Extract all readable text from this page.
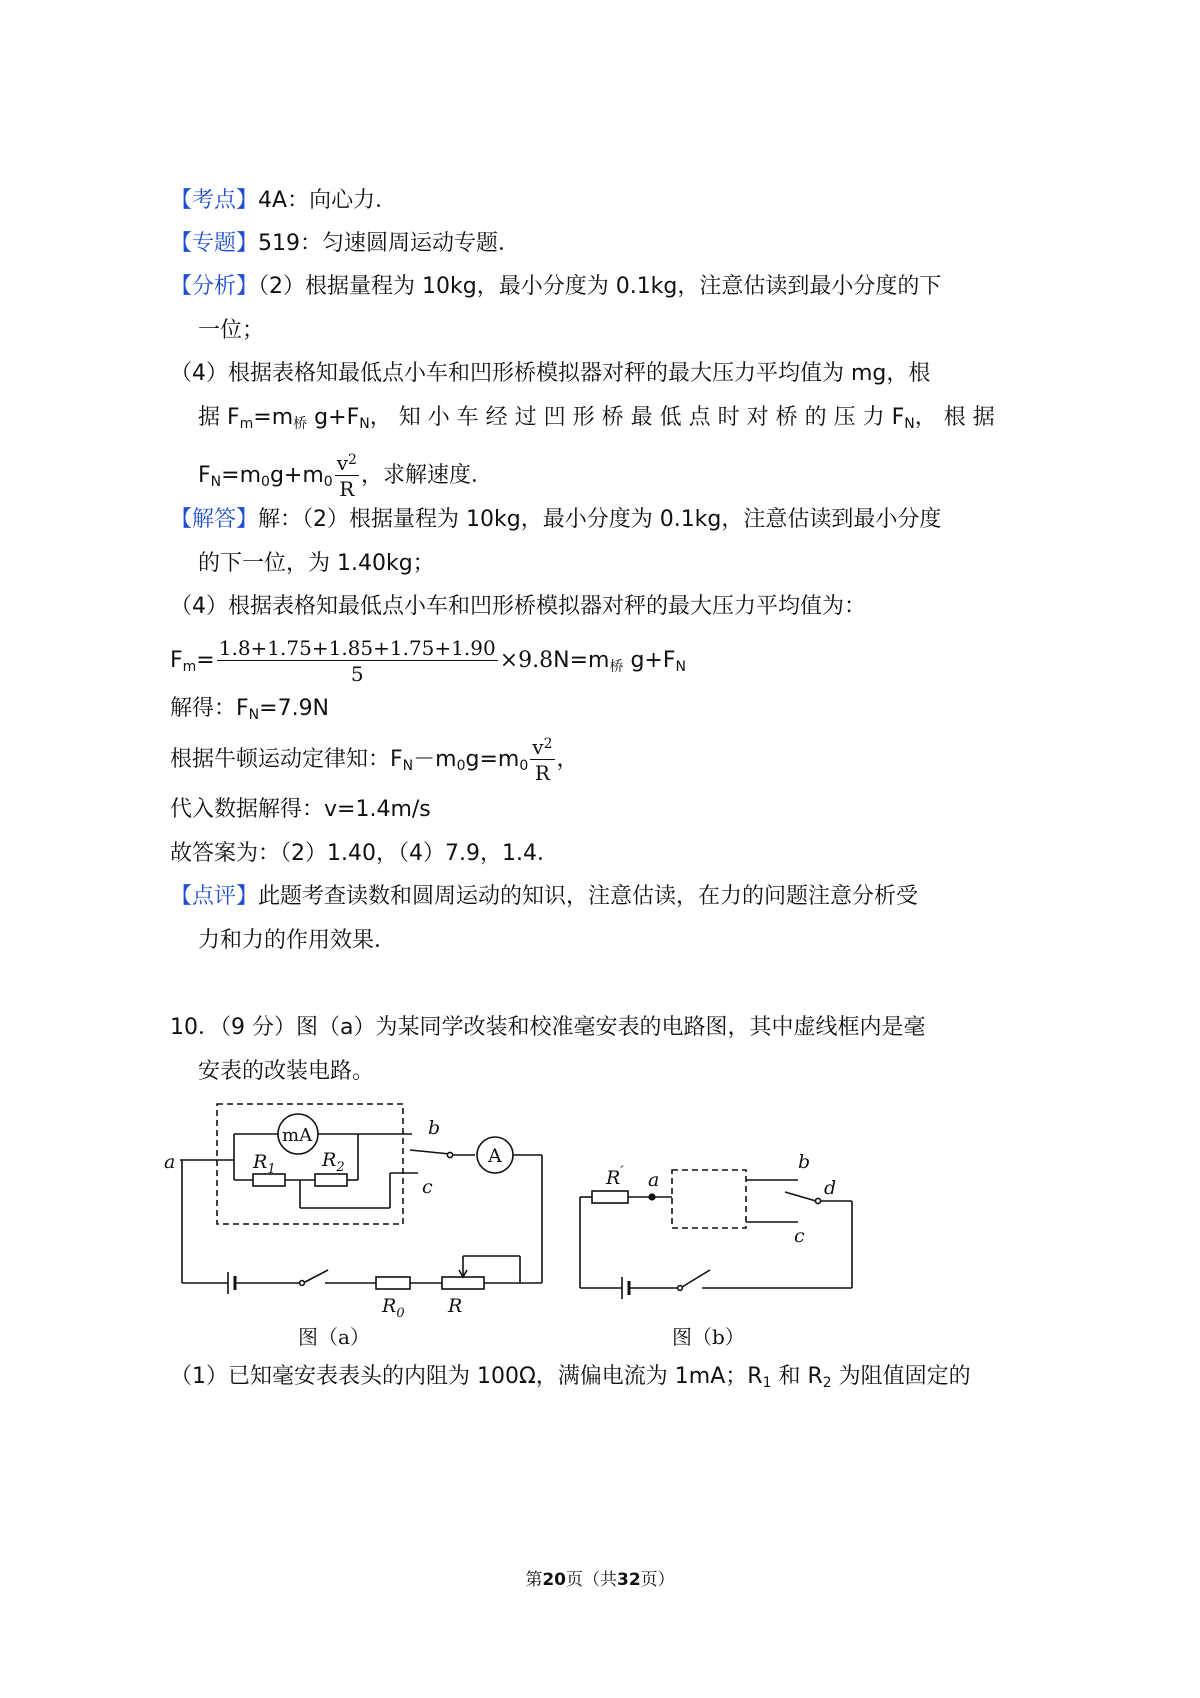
【考点】4A：向心力．
【专题】519：匀速圆周运动专题．
【分析】（2）根据量程为 10kg，最小分度为 0.1kg，注意估读到最小分度的下
一位；
（4）根据表格知最低点小车和凹形桥模拟器对秤的最大压力平均值为 mg，根
据 $F_m=m_桥$ $g+F_N$， 知 小 车 经 过 凹 形 桥 最 低 点 时 对 桥 的 压 力 $F_N$， 根 据
$F_N=m_0g+m_0 \frac{v^2}{R}$ ，求解速度．
【解答】解：（2）根据量程为 10kg，最小分度为 0.1kg，注意估读到最小分度
的下一位，为 1.40kg；
（4）根据表格知最低点小车和凹形桥模拟器对秤的最大压力平均值为：
$F_m= \frac{1.8+1.75+1.85+1.75+1.90}{5} \times 9.8N=m_桥$ $g+F_N$
解得：$F_N=7.9N$
根据牛顿运动定律知：$F_N-m_0g=m_0 \frac{v^2}{R}$ ，
代入数据解得：v=1.4m/s
故答案为：（2）1.40，（4）7.9，1.4．
【点评】此题考查读数和圆周运动的知识，注意估读，在力的问题注意分析受
力和力的作用效果．
10．（9 分）图（a）为某同学改装和校准毫安表的电路图，其中虚线框内是毫
安表的改装电路。
a
b
c
mA
A
$R_1$ $R_2$
$R_0$ R
图（a）
R′ a
b
c
d
图（b）
（1）已知毫安表表头的内阻为 100Ω，满偏电流为 1mA；$R_1$ 和 $R_2$ 为阻值固定的
第20页（共32页）
